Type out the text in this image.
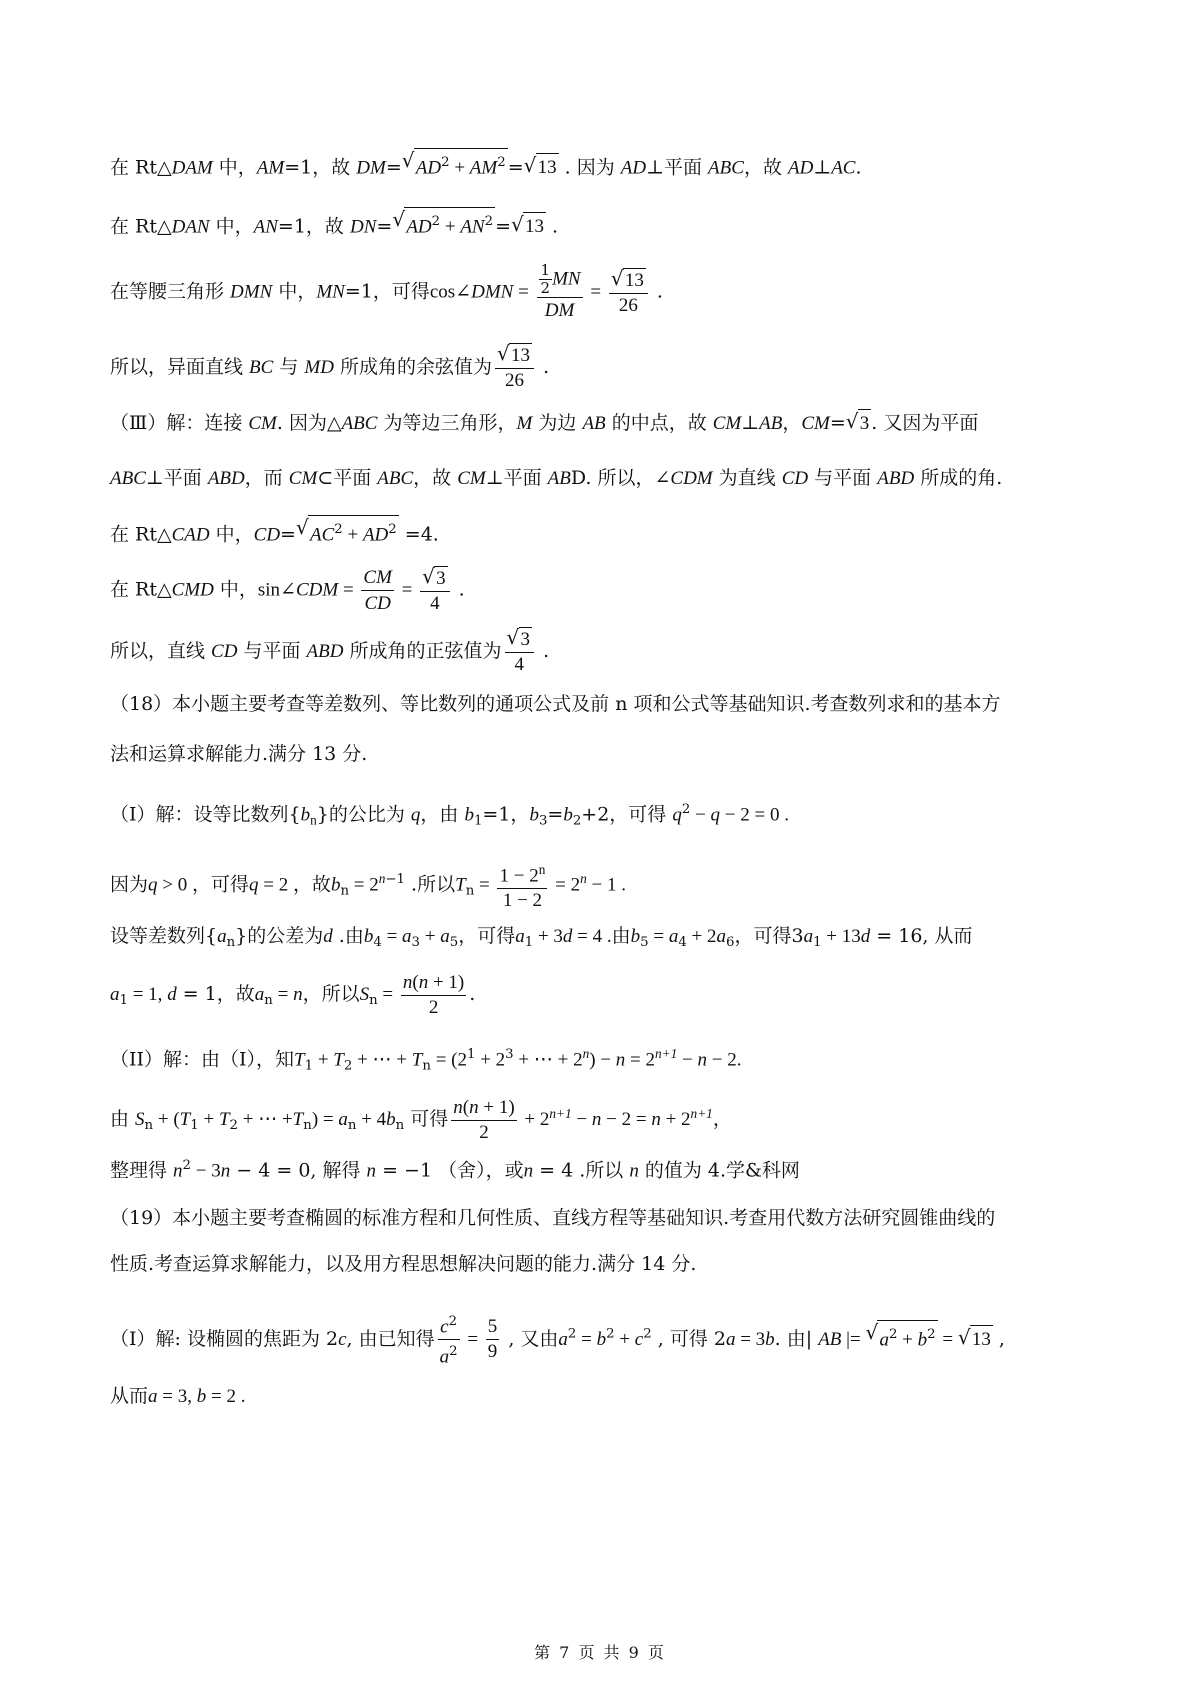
在 Rt△DAM 中，AM=1，故 DM= √ $AD^2 + AM^2$ = √ 13 . 因为 AD⊥平面 ABC，故 AD⊥AC.
在 Rt△DAN 中，AN=1，故 DN= √ $AD^2 + AN^2$ = √ 13 .
在等腰三角形 DMN 中，MN=1，可得cos∠DMN = $\frac{\frac{1}{2} MN}{DM}$ = √ $\frac{13}{26}$ .
所以，异面直线 BC 与 MD 所成角的余弦值为 √ $\frac{13}{26}$ .
（Ⅲ）解：连接 CM. 因为△ABC 为等边三角形，M 为边 AB 的中点，故 CM⊥AB，CM= √ 3 . 又因为平面
ABC⊥平面 ABD，而 CM⊂平面 ABC，故 CM⊥平面 ABD. 所以，∠CDM 为直线 CD 与平面 ABD 所成的角.
在 Rt△CAD 中，CD= √ $AC^2 + AD^2 =4$.
在 Rt△CMD 中，sin∠CDM = $\frac{CM}{CD}$ = √ $\frac{3}{4}$ .
所以，直线 CD 与平面 ABD 所成角的正弦值为 √ $\frac{3}{4}$ .
（18）本小题主要考查等差数列、等比数列的通项公式及前 n 项和公式等基础知识.考查数列求和的基本方
法和运算求解能力.满分 13 分.
（I）解：设等比数列$\{b_n\}$的公比为 q，由 $b_1=1$，$b_3=b_2+2$，可得 $q^2 - q - 2 = 0$ .
因为q > 0 ，可得q = 2 ，故$b_n = 2^{n-1}$ .所以$T_n = \frac{1 - 2^n}{1 - 2} = 2^n - 1$ .
设等差数列$\{a_n\}$的公差为d .由$b_4 = a_3 + a_5$，可得$a_1 + 3d = 4$ .由$b_5 = a_4 + 2a_6$，可得$3a_1 + 13d = 16$, 从而
$a_1 = 1$, d = 1，故$a_n = n$，所以$S_n = \frac{n(n + 1)}{2}$ .
（II）解：由（I），知$T_1 + T_2$ + ⋯ + $T_n = (2^1 + 2^3$ + ⋯ + $2^n) - n = 2^{n+1} - n - 2$.
由 $S_n + (T_1 + T_2$ + ⋯ $+T_n) = a_n + 4b_n$ 可得 $\frac{n(n + 1)}{2} + 2^{n+1} - n - 2 = n + 2^{n+1}$，
整理得 $n^2 - 3n - 4 = 0$, 解得 n = −1 （舍），或n = 4 .所以 n 的值为 4.学&科网
（19）本小题主要考查椭圆的标准方程和几何性质、直线方程等基础知识.考查用代数方法研究圆锥曲线的
性质.考查运算求解能力，以及用方程思想解决问题的能力.满分 14 分.
（I）解: 设椭圆的焦距为 2c, 由已知得 $\frac{c^2}{a^2} = \frac{5}{9}$ , 又由$a^2 = b^2 + c^2$ , 可得 2a = 3b. 由| AB |= √ $a^2 + b^2$ = √ 13 ,
从而a = 3, b = 2 .
第 7 页 共 9 页
